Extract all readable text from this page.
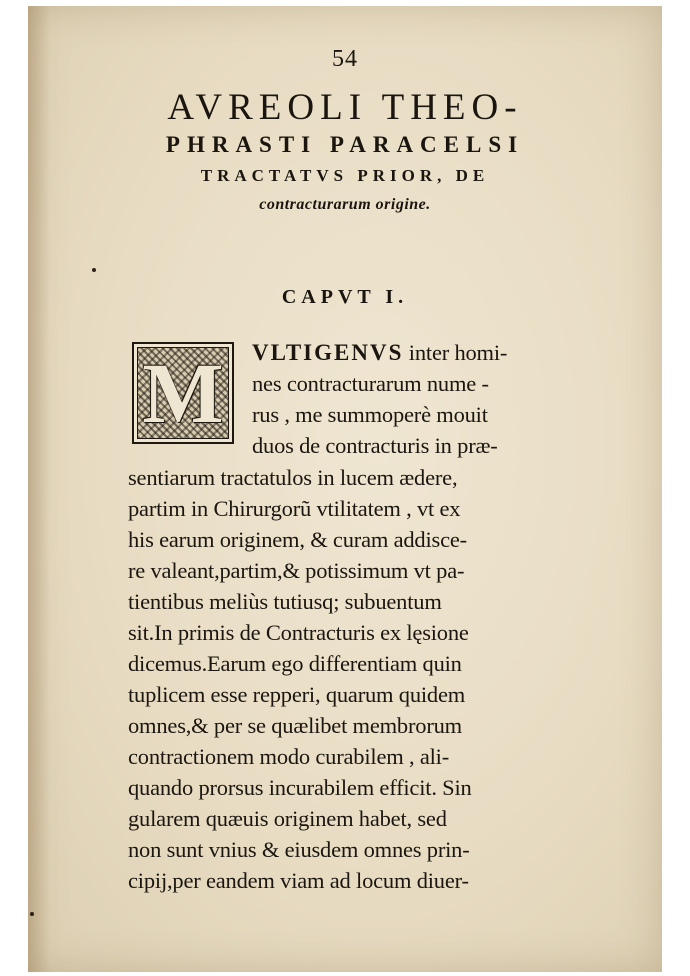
54
AVREOLI THEO-
PHRASTI PARACELSI
TRACTATVS PRIOR, DE
contracturarum origine.
CAPVT I.
M VLTIGENVS inter homi-
nes contracturarum nume -
rus , me summoperè mouit
duos de contracturis in præ-
sentiarum tractatulos in lucem ædere,
partim in Chirurgorũ vtilitatem , vt ex
his earum originem, & curam addisce-
re valeant,partim,& potissimum vt pa-
tientibus meliùs tutiusq; subuentum
sit.In primis de Contracturis ex lęsione
dicemus.Earum ego differentiam quin
tuplicem esse repperi, quarum quidem
omnes,& per se quælibet membrorum
contractionem modo curabilem , ali-
quando prorsus incurabilem efficit. Sin
gularem quæuis originem habet, sed
non sunt vnius & eiusdem omnes prin-
cipij,per eandem viam ad locum diuer-
